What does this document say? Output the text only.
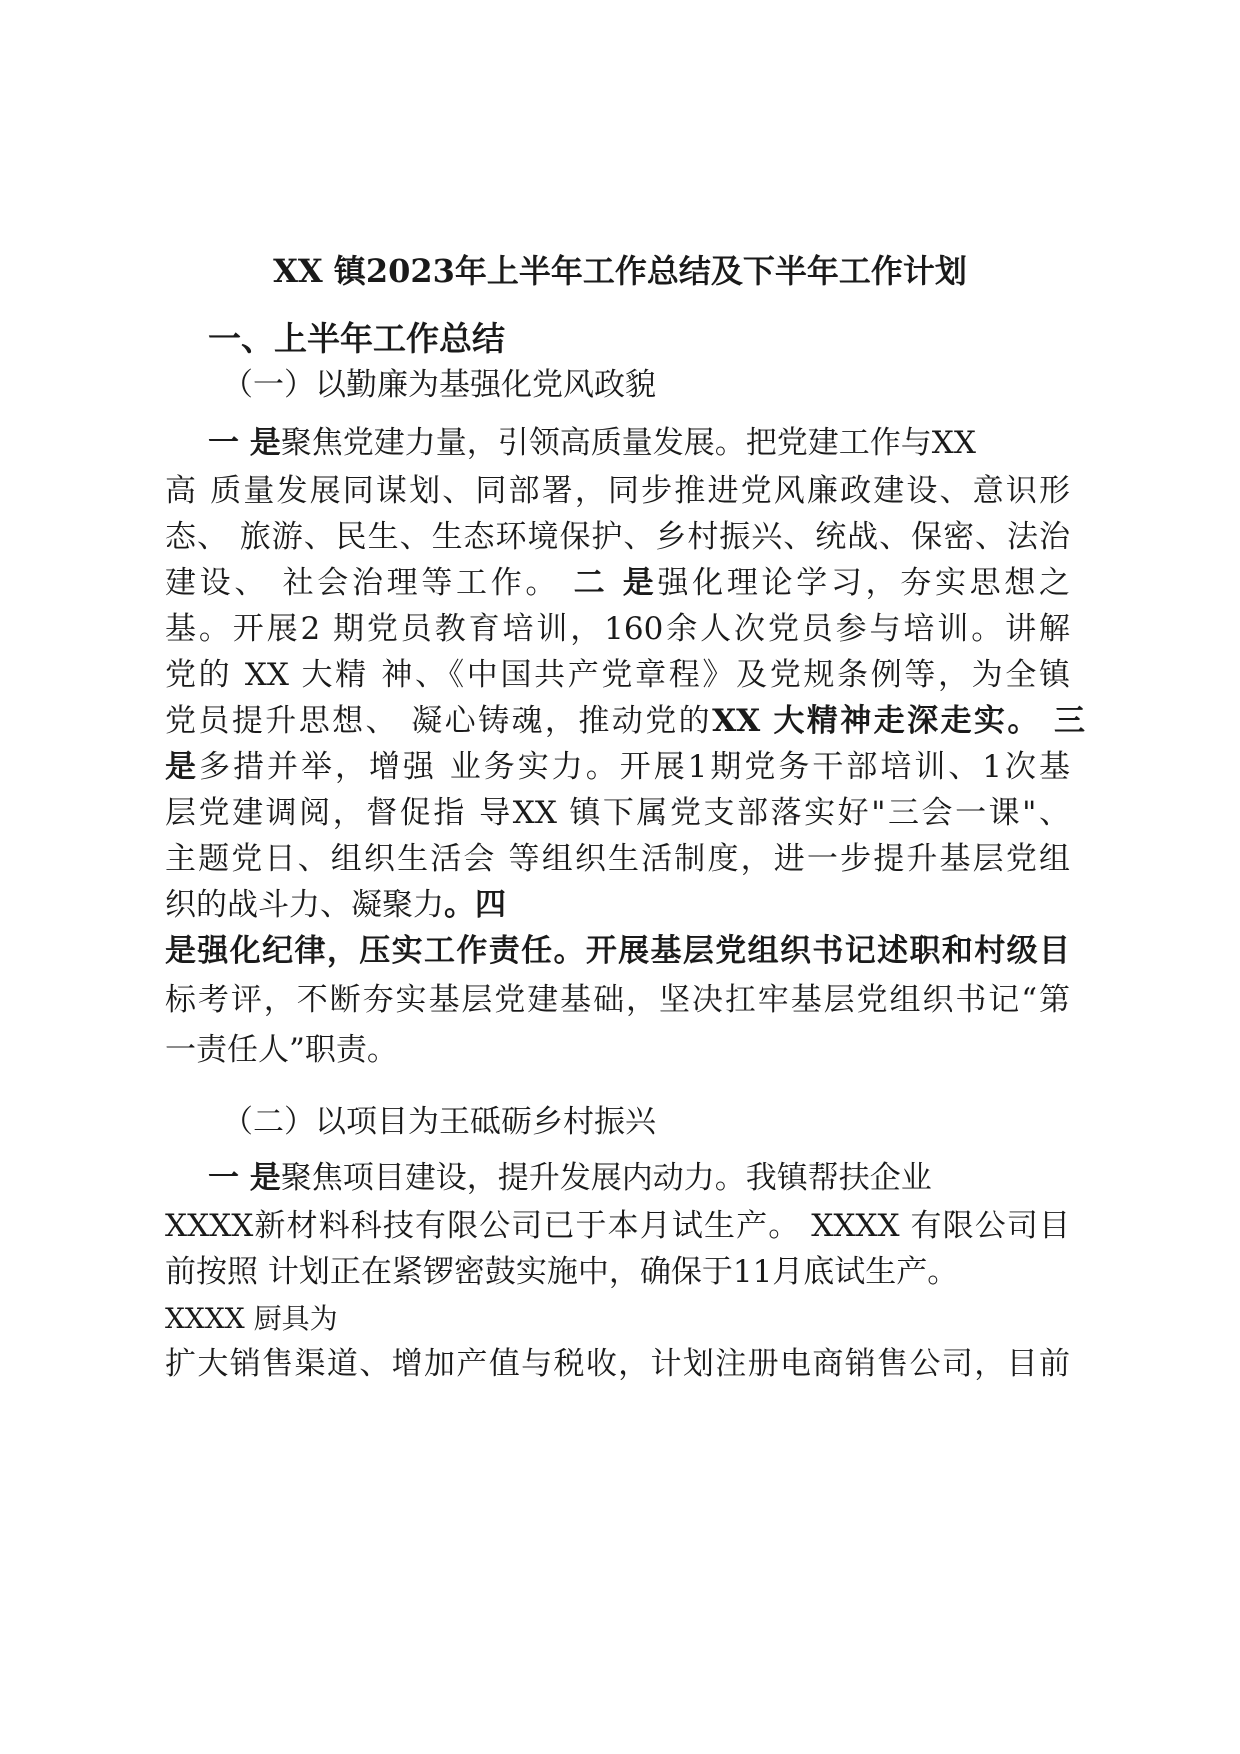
XX 镇2023年上半年工作总结及下半年工作计划
一、上半年工作总结
（一）以勤廉为基强化党风政貌
一 是聚焦党建力量，引领高质量发展。把党建工作与XX
高 质量发展同谋划、同部署，同步推进党风廉政建设、意识形
态、 旅游、民生、生态环境保护、乡村振兴、统战、保密、法治
建设、 社会治理等工作。 二 是强化理论学习，夯实思想之
基。开展2 期党员教育培训，160余人次党员参与培训。讲解
党的 XX 大精 神、《中国共产党章程》及党规条例等，为全镇
党员提升思想、 凝心铸魂，推动党的XX 大精神走深走实。 三
是多措并举，增强 业务实力。开展1期党务干部培训、1次基
层党建调阅，督促指 导XX 镇下属党支部落实好"三会一课"、
主题党日、组织生活会 等组织生活制度，进一步提升基层党组
织的战斗力、凝聚力。四
是强化纪律，压实工作责任。开展基层党组织书记述职和村级目
标考评，不断夯实基层党建基础，坚决扛牢基层党组织书记“第
一责任人”职责。
（二）以项目为王砥砺乡村振兴
一 是聚焦项目建设，提升发展内动力。我镇帮扶企业
XXXX新材料科技有限公司已于本月试生产。 XXXX 有限公司目
前按照 计划正在紧锣密鼓实施中，确保于11月底试生产。
XXXX 厨具为
扩大销售渠道、增加产值与税收，计划注册电商销售公司，目前
